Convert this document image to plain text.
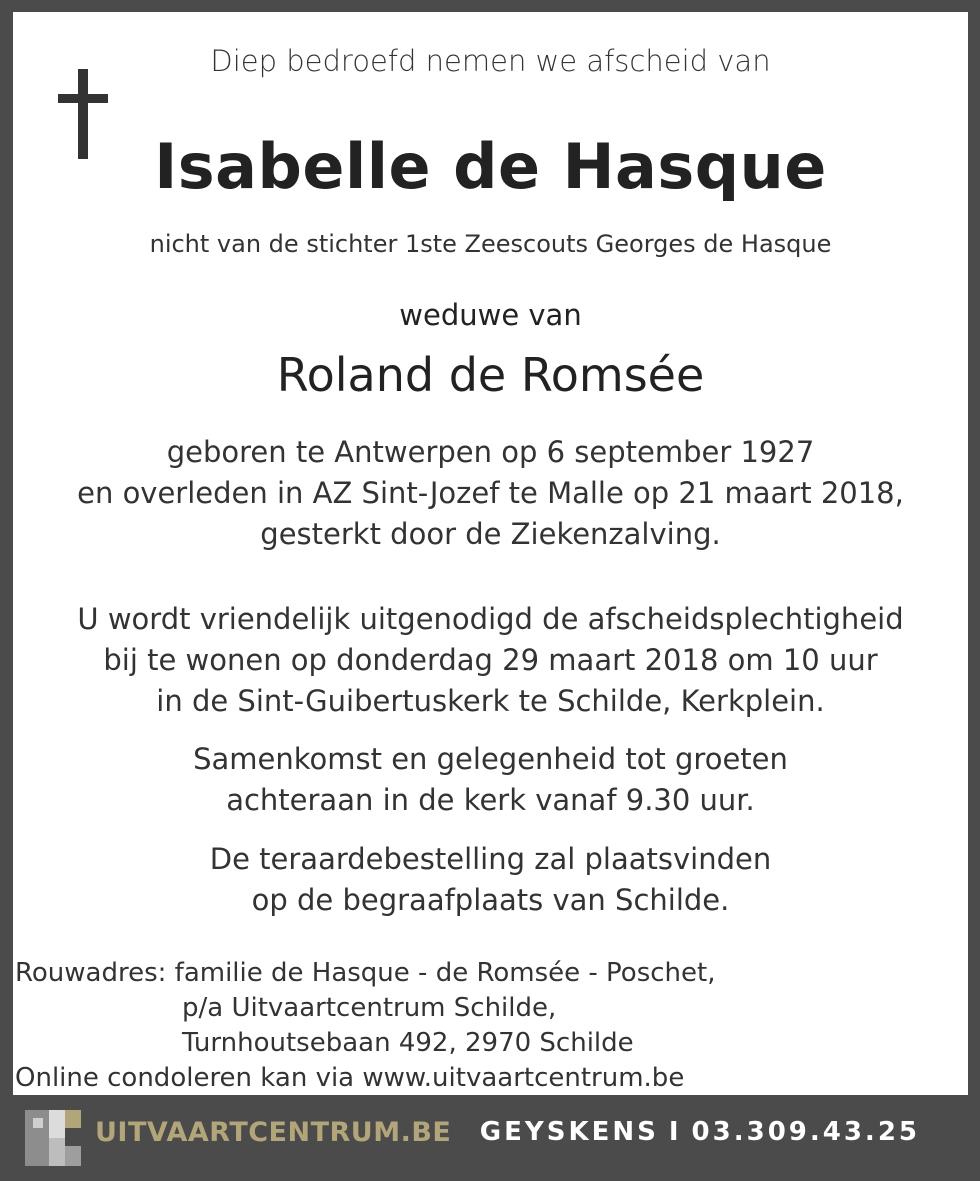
Diep bedroefd nemen we afscheid van
Isabelle de Hasque
nicht van de stichter 1ste Zeescouts Georges de Hasque
weduwe van
Roland de Romsée
geboren te Antwerpen op 6 september 1927
en overleden in AZ Sint-Jozef te Malle op 21 maart 2018,
gesterkt door de Ziekenzalving.
U wordt vriendelijk uitgenodigd de afscheidsplechtigheid
bij te wonen op donderdag 29 maart 2018 om 10 uur
in de Sint-Guibertuskerk te Schilde, Kerkplein.
Samenkomst en gelegenheid tot groeten
achteraan in de kerk vanaf 9.30 uur.
De teraardebestelling zal plaatsvinden
op de begraafplaats van Schilde.
Rouwadres: familie de Hasque - de Romsée - Poschet,
p/a Uitvaartcentrum Schilde,
Turnhoutsebaan 492, 2970 Schilde
Online condoleren kan via www.uitvaartcentrum.be
UITVAARTCENTRUM.BE GEYSKENS I 03.309.43.25
